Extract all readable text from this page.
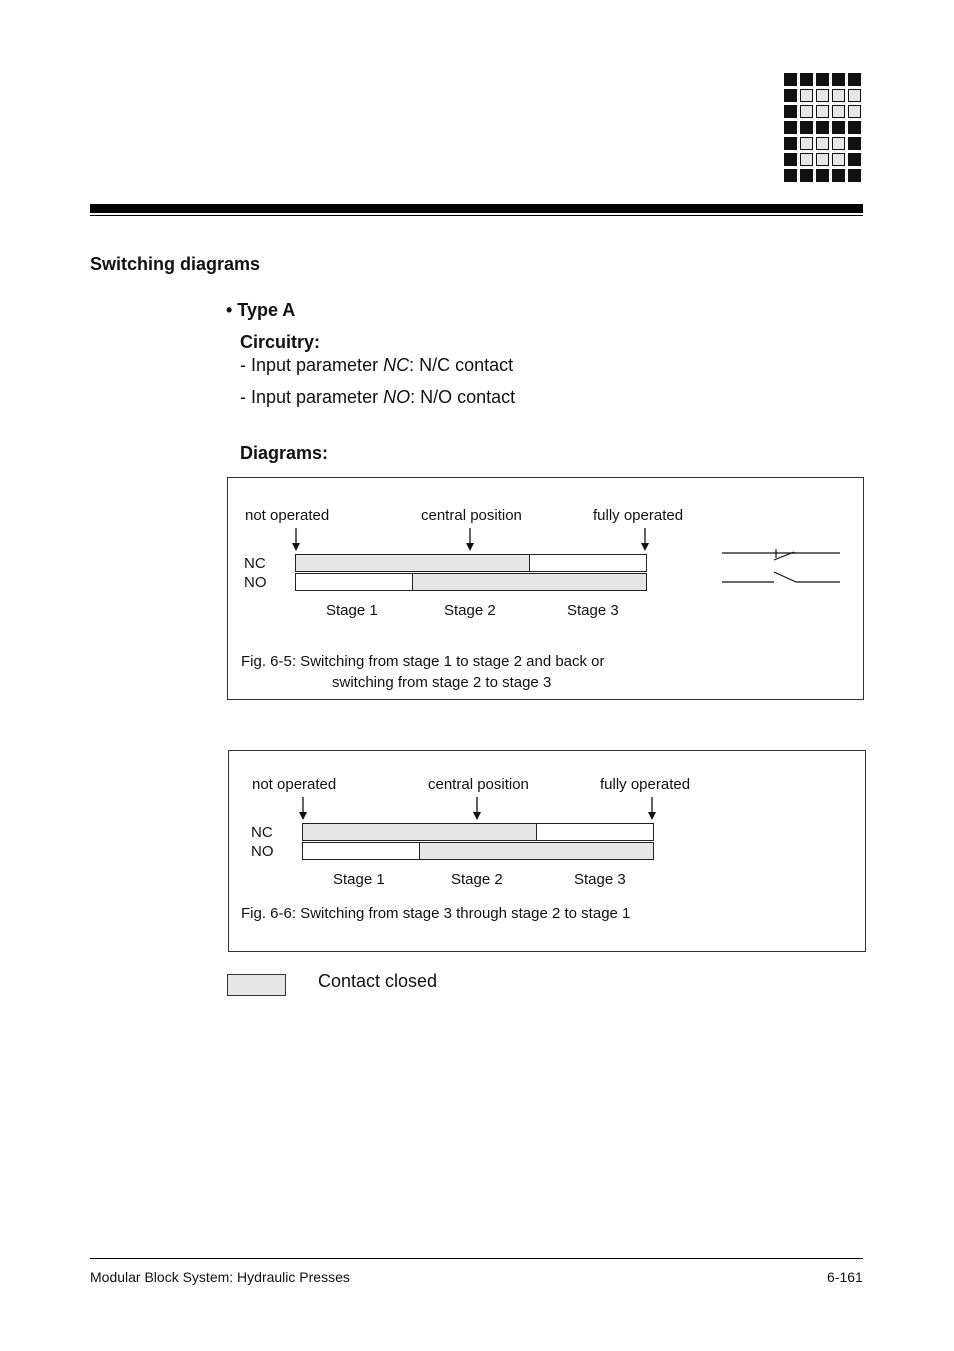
Switching diagrams
• Type A
Circuitry:
- Input parameter NC: N/C contact
- Input parameter NO: N/O contact
Diagrams:
not operated	central position	fully operated
NC
NO
Stage 1	Stage 2	Stage 3
Fig. 6-5: Switching from stage 1 to stage 2 and back or
switching from stage 2 to stage 3
not operated	central position	fully operated
NC
NO
Stage 1	Stage 2	Stage 3
Fig. 6-6: Switching from stage 3 through stage 2 to stage 1
Contact closed
Modular Block System: Hydraulic Presses	6-161
